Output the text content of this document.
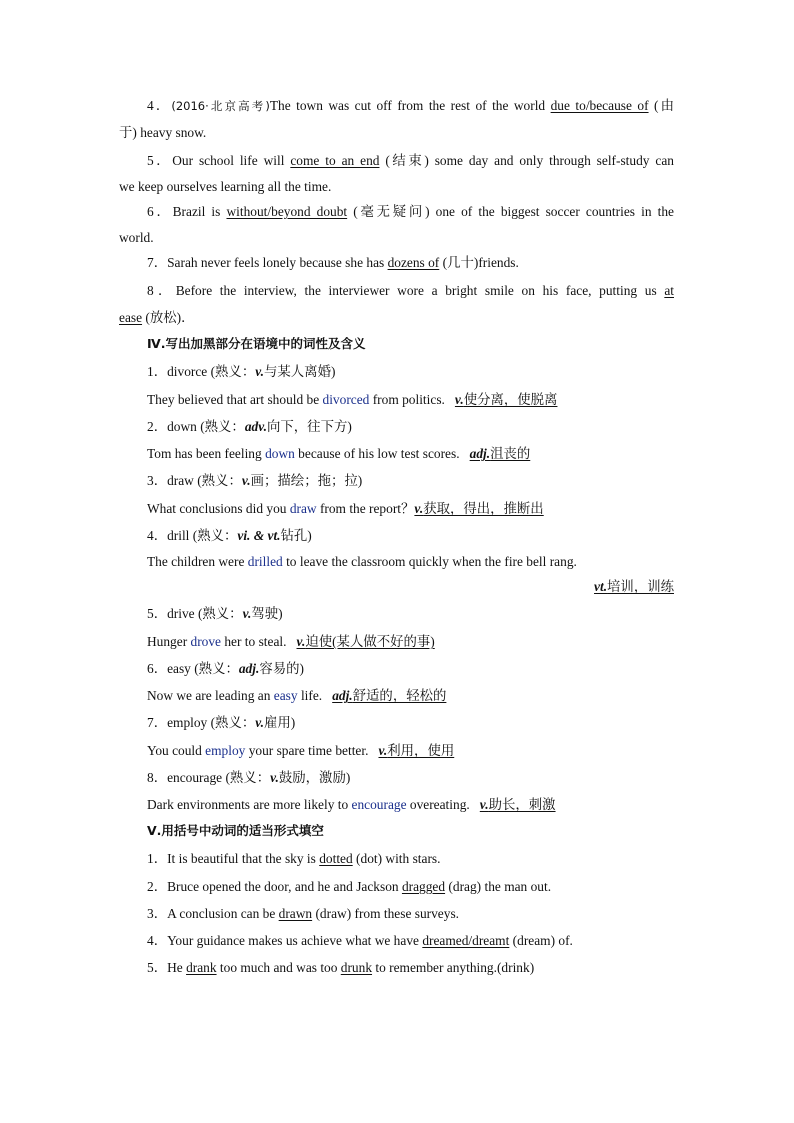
4．(2016·北京高考)The town was cut off from the rest of the world due to/because of (由
于) heavy snow.
5．Our school life will come to an end (结束) some day and only through self-study can
we keep ourselves learning all the time.
6．Brazil is without/beyond doubt (毫无疑问) one of the biggest soccer countries in the
world.
7．Sarah never feels lonely because she has dozens of (几十)friends.
8．Before the interview, the interviewer wore a bright smile on his face, putting us at
ease (放松)．
Ⅳ.写出加黑部分在语境中的词性及含义
1．divorce (熟义：v.与某人离婚)
They believed that art should be divorced from politics. v.使分离，使脱离
2．down (熟义：adv.向下，往下方)
Tom has been feeling down because of his low test scores. adj.沮丧的
3．draw (熟义：v.画；描绘；拖；拉)
What conclusions did you draw from the report？v.获取，得出，推断出
4．drill (熟义：vi. & vt.钻孔)
The children were drilled to leave the classroom quickly when the fire bell rang.
vt.培训，训练
5．drive (熟义：v.驾驶)
Hunger drove her to steal. v.迫使(某人做不好的事)
6．easy (熟义：adj.容易的)
Now we are leading an easy life. adj.舒适的，轻松的
7．employ (熟义：v.雇用)
You could employ your spare time better. v.利用，使用
8．encourage (熟义：v.鼓励，激励)
Dark environments are more likely to encourage overeating. v.助长，刺激
Ⅴ.用括号中动词的适当形式填空
1．It is beautiful that the sky is dotted (dot) with stars.
2．Bruce opened the door, and he and Jackson dragged (drag) the man out.
3．A conclusion can be drawn (draw) from these surveys.
4．Your guidance makes us achieve what we have dreamed/dreamt (dream) of.
5．He drank too much and was too drunk to remember anything.(drink)
